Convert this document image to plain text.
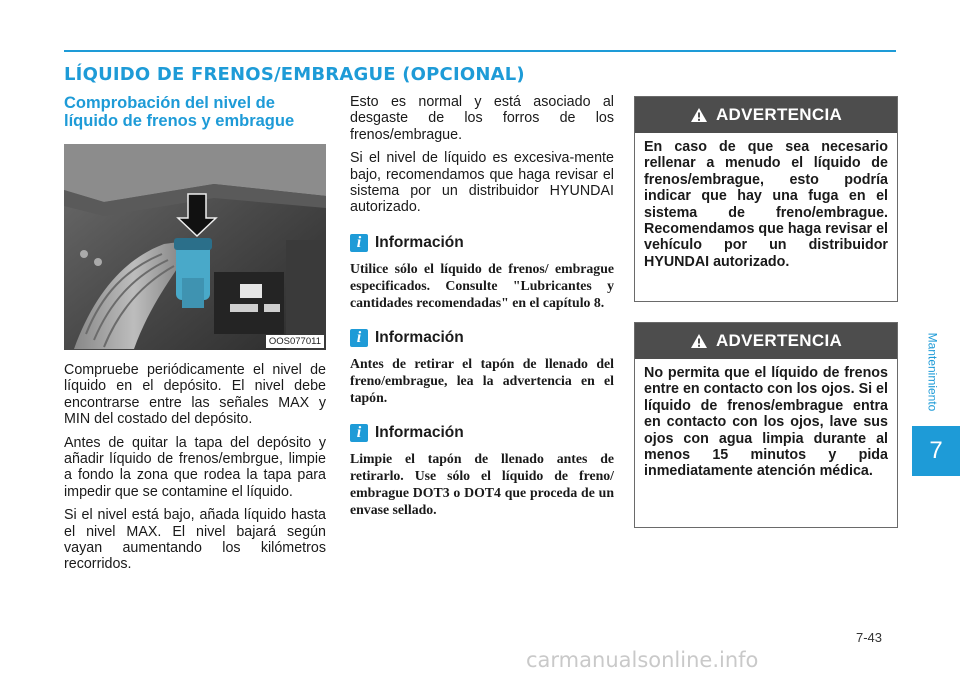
LÍQUIDO DE FRENOS/EMBRAGUE (OPCIONAL)
Comprobación del nivel de
líquido de frenos y embrague
OOS077011

Compruebe periódicamente el nivel de líquido en el depósito. El nivel debe encontrarse entre las señales MAX y MIN del costado del depósito.

Antes de quitar la tapa del depósito y añadir líquido de frenos/embrgue, limpie a fondo la zona que rodea la tapa para impedir que se contamine el líquido.

Si el nivel está bajo, añada líquido hasta el nivel MAX. El nivel bajará según vayan aumentando los kilómetros recorridos.

Esto es normal y está asociado al desgaste de los forros de los frenos/embrague.

Si el nivel de líquido es excesiva-mente bajo, recomendamos que haga revisar el sistema por un distribuidor HYUNDAI autorizado.

i Información

Utilice sólo el líquido de frenos/ embrague especificados. Consulte "Lubricantes y cantidades recomendadas" en el capítulo 8.

i Información

Antes de retirar el tapón de llenado del freno/embrague, lea la advertencia en el tapón.

i Información

Limpie el tapón de llenado antes de retirarlo. Use sólo el líquido de freno/ embrague DOT3 o DOT4 que proceda de un envase sellado.

ADVERTENCIA

En caso de que sea necesario rellenar a menudo el líquido de frenos/embrague, esto podría indicar que hay una fuga en el sistema de freno/embrague. Recomendamos que haga revisar el vehículo por un distribuidor HYUNDAI autorizado.

ADVERTENCIA

No permita que el líquido de frenos entre en contacto con los ojos. Si el líquido de frenos/embrague entra en contacto con los ojos, lave sus ojos con agua limpia durante al menos 15 minutos y pida inmediatamente atención médica.

Mantenimiento
7
7-43
carmanualsonline.info
